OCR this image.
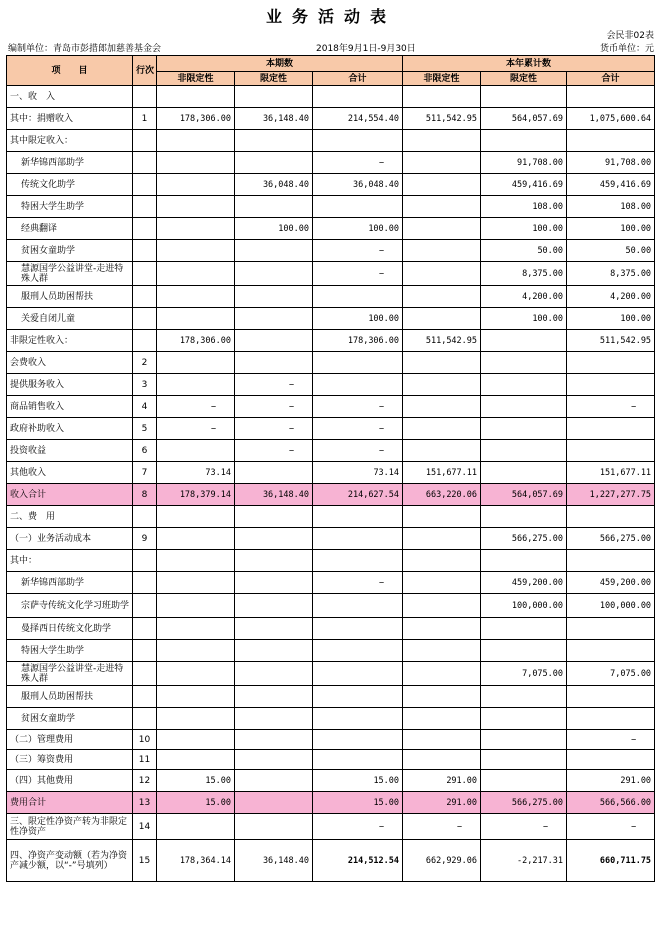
业务活动表
会民非02表
编制单位：青岛市彭措郎加慈善基金会	2018年9月1日-9月30日	货币单位：元
项　　目	行次	本期数			本年累计数		
		非限定性	限定性	合计	非限定性	限定性	合计
一、收　入							
其中：捐赠收入	1	178,306.00	36,148.40	214,554.40	511,542.95	564,057.69	1,075,600.64
其中限定收入：							
新华锦西部助学				−		91,708.00	91,708.00
传统文化助学			36,048.40	36,048.40		459,416.69	459,416.69
特困大学生助学						108.00	108.00
经典翻译			100.00	100.00		100.00	100.00
贫困女童助学				−		50.00	50.00
慧源国学公益讲堂-走进特殊人群				−		8,375.00	8,375.00
服刑人员助困帮扶						4,200.00	4,200.00
关爱自闭儿童				100.00		100.00	100.00
非限定性收入：		178,306.00		178,306.00	511,542.95		511,542.95
会费收入	2						
提供服务收入	3		−				
商品销售收入	4	−	−	−			−
政府补助收入	5	−	−	−			
投资收益	6		−	−			
其他收入	7	73.14		73.14	151,677.11		151,677.11
收入合计	8	178,379.14	36,148.40	214,627.54	663,220.06	564,057.69	1,227,277.75
二、费　用							
（一）业务活动成本	9					566,275.00	566,275.00
其中：							
新华锦西部助学				−		459,200.00	459,200.00
宗萨寺传统文化学习班助学						100,000.00	100,000.00
曼择西日传统文化助学							
特困大学生助学							
慧源国学公益讲堂-走进特殊人群						7,075.00	7,075.00
服刑人员助困帮扶							
贫困女童助学							
（二）管理费用	10						−
（三）筹资费用	11						
（四）其他费用	12	15.00		15.00	291.00		291.00
费用合计	13	15.00		15.00	291.00	566,275.00	566,566.00
三、限定性净资产转为非限定性净资产	14			−	−	−	−
四、净资产变动额（若为净资产减少额，以“-”号填列）	15	178,364.14	36,148.40	214,512.54	662,929.06	-2,217.31	660,711.75
